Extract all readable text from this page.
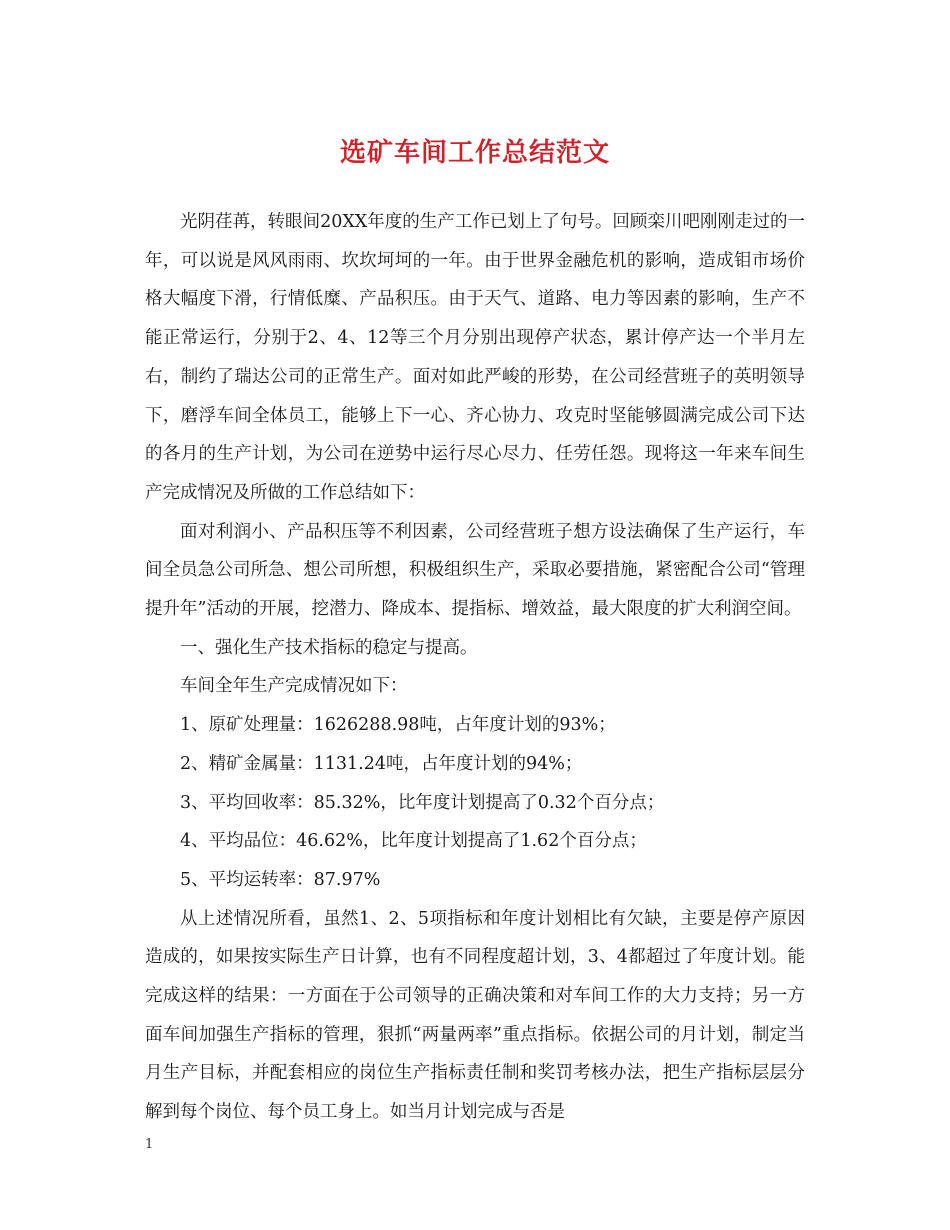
选矿车间工作总结范文

光阴荏苒，转眼间20XX年度的生产工作已划上了句号。回顾栾川吧刚刚走过的一年，可以说是风风雨雨、坎坎坷坷的一年。由于世界金融危机的影响，造成钼市场价格大幅度下滑，行情低糜、产品积压。由于天气、道路、电力等因素的影响，生产不能正常运行，分别于2、4、12等三个月分别出现停产状态，累计停产达一个半月左右，制约了瑞达公司的正常生产。面对如此严峻的形势，在公司经营班子的英明领导下，磨浮车间全体员工，能够上下一心、齐心协力、攻克时坚能够圆满完成公司下达的各月的生产计划，为公司在逆势中运行尽心尽力、任劳任怨。现将这一年来车间生产完成情况及所做的工作总结如下：

面对利润小、产品积压等不利因素，公司经营班子想方设法确保了生产运行，车间全员急公司所急、想公司所想，积极组织生产，采取必要措施，紧密配合公司“管理提升年”活动的开展，挖潜力、降成本、提指标、增效益，最大限度的扩大利润空间。

一、强化生产技术指标的稳定与提高。

车间全年生产完成情况如下：

1、原矿处理量：1626288.98吨，占年度计划的93%；

2、精矿金属量：1131.24吨，占年度计划的94%；

3、平均回收率：85.32%，比年度计划提高了0.32个百分点；

4、平均品位：46.62%，比年度计划提高了1.62个百分点；

5、平均运转率：87.97%

从上述情况所看，虽然1、2、5项指标和年度计划相比有欠缺，主要是停产原因造成的，如果按实际生产日计算，也有不同程度超计划，3、4都超过了年度计划。能完成这样的结果：一方面在于公司领导的正确决策和对车间工作的大力支持；另一方面车间加强生产指标的管理，狠抓“两量两率”重点指标。依据公司的月计划，制定当月生产目标，并配套相应的岗位生产指标责任制和奖罚考核办法，把生产指标层层分解到每个岗位、每个员工身上。如当月计划完成与否是

1
